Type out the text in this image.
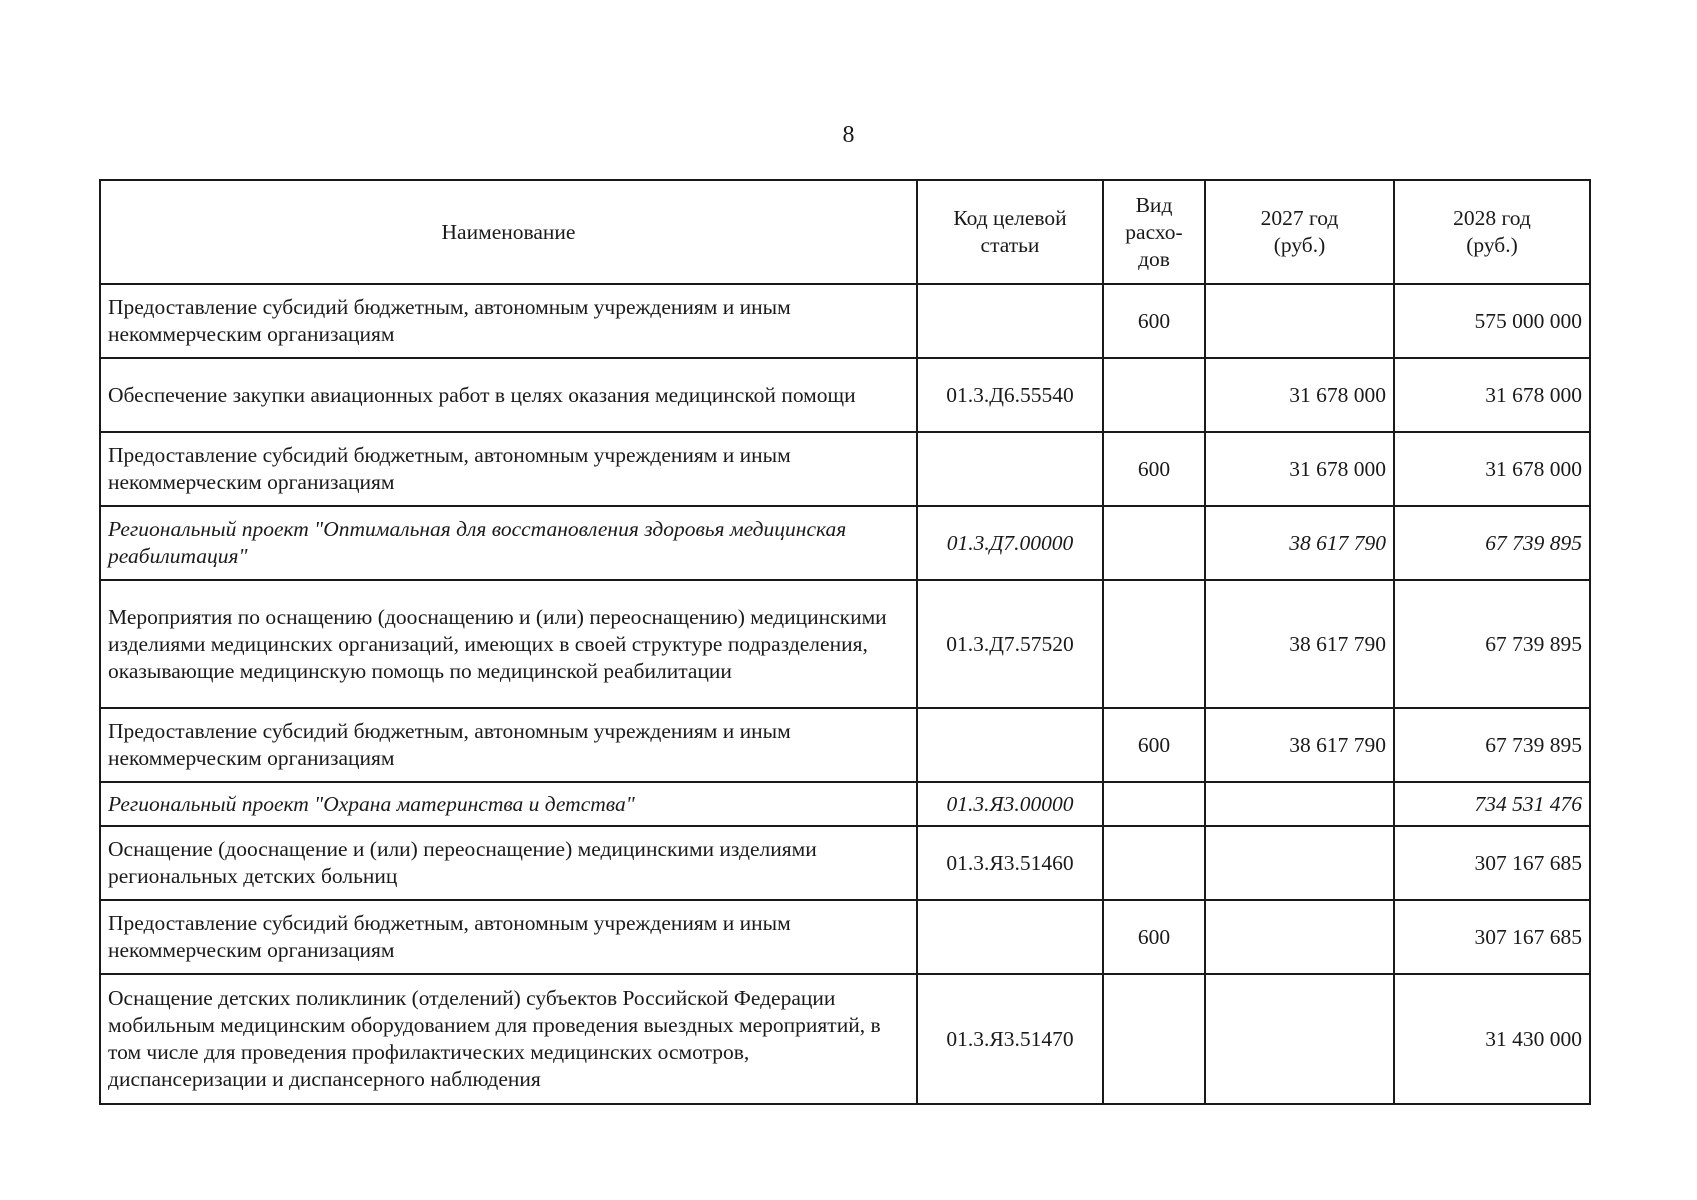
8
Наименование	Код целевой статьи	Вид расхо-дов	2027 год (руб.)	2028 год (руб.)
Предоставление субсидий бюджетным, автономным учреждениям и иным некоммерческим организациям		600		575 000 000
Обеспечение закупки авиационных работ в целях оказания медицинской помощи	01.3.Д6.55540		31 678 000	31 678 000
Предоставление субсидий бюджетным, автономным учреждениям и иным некоммерческим организациям		600	31 678 000	31 678 000
Региональный проект "Оптимальная для восстановления здоровья медицинская реабилитация"	01.3.Д7.00000		38 617 790	67 739 895
Мероприятия по оснащению (дооснащению и (или) переоснащению) медицинскими изделиями медицинских организаций, имеющих в своей структуре подразделения, оказывающие медицинскую помощь по медицинской реабилитации	01.3.Д7.57520		38 617 790	67 739 895
Предоставление субсидий бюджетным, автономным учреждениям и иным некоммерческим организациям		600	38 617 790	67 739 895
Региональный проект "Охрана материнства и детства"	01.3.Я3.00000			734 531 476
Оснащение (дооснащение и (или) переоснащение) медицинскими изделиями региональных детских больниц	01.3.Я3.51460			307 167 685
Предоставление субсидий бюджетным, автономным учреждениям и иным некоммерческим организациям		600		307 167 685
Оснащение детских поликлиник (отделений) субъектов Российской Федерации мобильным медицинским оборудованием для проведения выездных мероприятий, в том числе для проведения профилактических медицинских осмотров, диспансеризации и диспансерного наблюдения	01.3.Я3.51470			31 430 000
